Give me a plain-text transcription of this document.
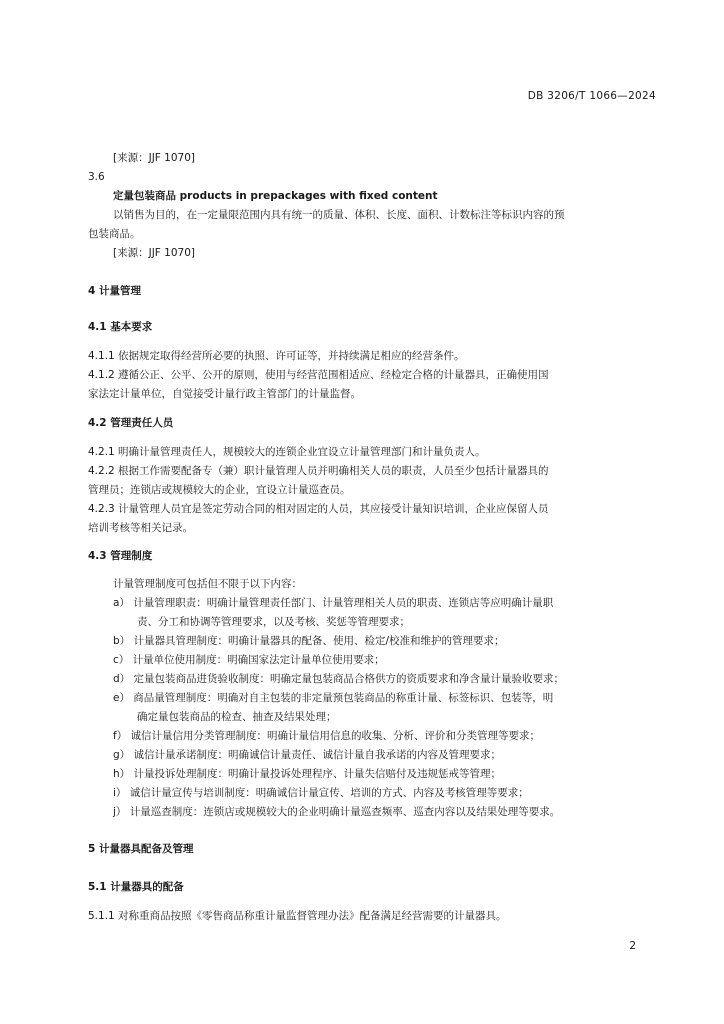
DB 3206/T 1066—2024
[来源：JJF 1070]
3.6
定量包装商品 products in prepackages with fixed content
以销售为目的，在一定量限范围内具有统一的质量、体积、长度、面积、计数标注等标识内容的预
包装商品。
[来源：JJF 1070]
4 计量管理
4.1 基本要求
4.1.1 依据规定取得经营所必要的执照、许可证等，并持续满足相应的经营条件。
4.1.2 遵循公正、公平、公开的原则，使用与经营范围相适应、经检定合格的计量器具，正确使用国
家法定计量单位，自觉接受计量行政主管部门的计量监督。
4.2 管理责任人员
4.2.1 明确计量管理责任人，规模较大的连锁企业宜设立计量管理部门和计量负责人。
4.2.2 根据工作需要配备专（兼）职计量管理人员并明确相关人员的职责，人员至少包括计量器具的
管理员；连锁店或规模较大的企业，宜设立计量巡查员。
4.2.3 计量管理人员宜是签定劳动合同的相对固定的人员，其应接受计量知识培训，企业应保留人员
培训考核等相关记录。
4.3 管理制度
计量管理制度可包括但不限于以下内容：
a） 计量管理职责：明确计量管理责任部门、计量管理相关人员的职责、连锁店等应明确计量职
责、分工和协调等管理要求，以及考核、奖惩等管理要求；
b） 计量器具管理制度：明确计量器具的配备、使用、检定/校准和维护的管理要求；
c） 计量单位使用制度：明确国家法定计量单位使用要求；
d） 定量包装商品进货验收制度：明确定量包装商品合格供方的资质要求和净含量计量验收要求；
e） 商品量管理制度：明确对自主包装的非定量预包装商品的称重计量、标签标识、包装等，明
确定量包装商品的检查、抽查及结果处理；
f） 诚信计量信用分类管理制度：明确计量信用信息的收集、分析、评价和分类管理等要求；
g） 诚信计量承诺制度：明确诚信计量责任、诚信计量自我承诺的内容及管理要求；
h） 计量投诉处理制度：明确计量投诉处理程序、计量失信赔付及违规惩戒等管理；
i） 诚信计量宣传与培训制度：明确诚信计量宣传、培训的方式、内容及考核管理等要求；
j） 计量巡查制度：连锁店或规模较大的企业明确计量巡查频率、巡查内容以及结果处理等要求。
5 计量器具配备及管理
5.1 计量器具的配备
5.1.1 对称重商品按照《零售商品称重计量监督管理办法》配备满足经营需要的计量器具。
2
